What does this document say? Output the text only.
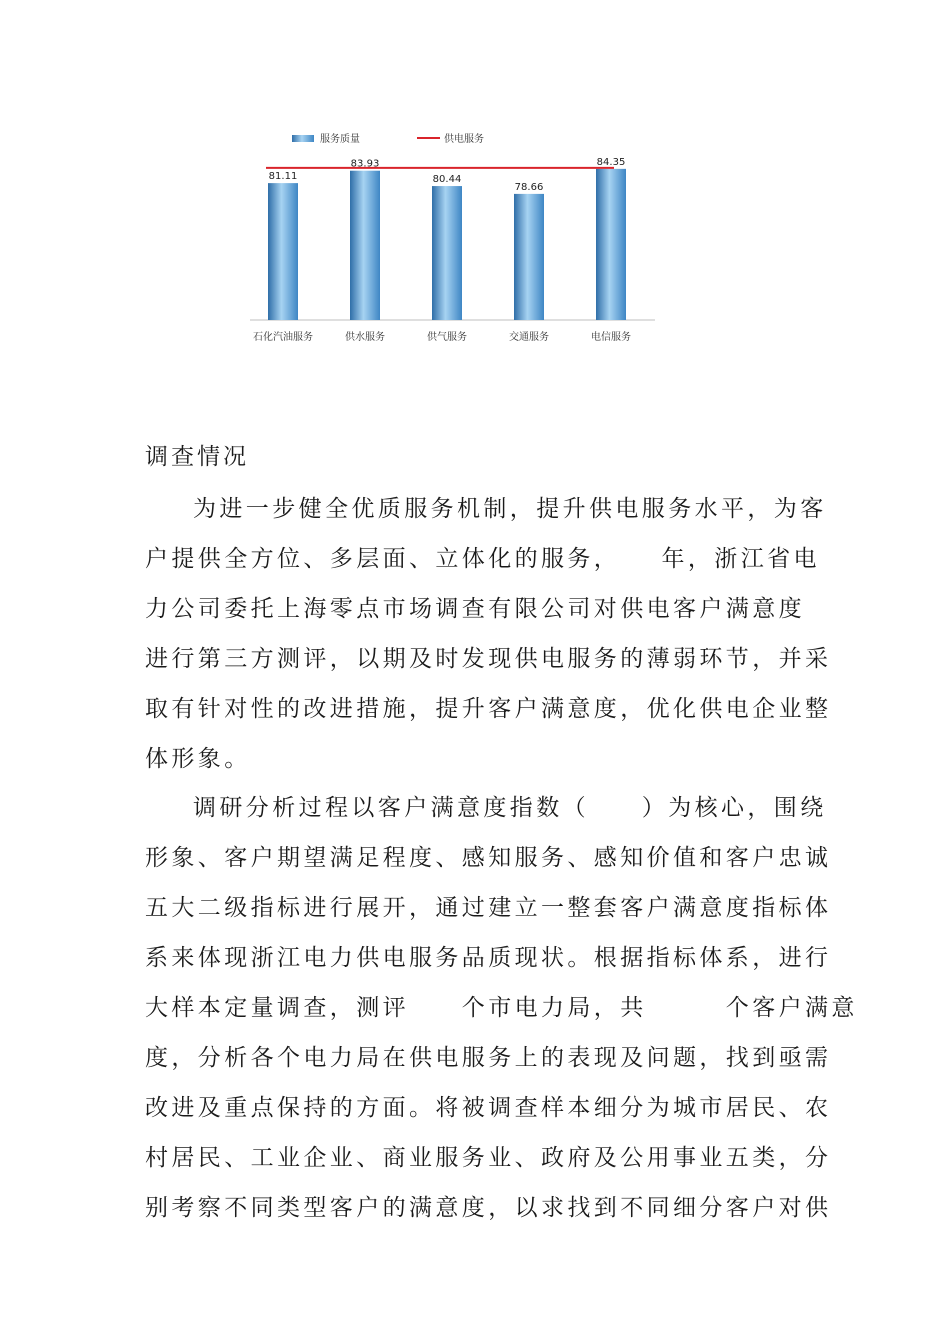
服务质量	供电服务
81.11
83.93
80.44
78.66
84.35
石化汽油服务	供水服务	供气服务	交通服务	电信服务
调查情况
为进一步健全优质服务机制，提升供电服务水平，为客
户提供全方位、多层面、立体化的服务，　　年，浙江省电
力公司委托上海零点市场调查有限公司对供电客户满意度
进行第三方测评，以期及时发现供电服务的薄弱环节，并采
取有针对性的改进措施，提升客户满意度，优化供电企业整
体形象。
调研分析过程以客户满意度指数（　　）为核心，围绕
形象、客户期望满足程度、感知服务、感知价值和客户忠诚
五大二级指标进行展开，通过建立一整套客户满意度指标体
系来体现浙江电力供电服务品质现状。根据指标体系，进行
大样本定量调查，测评　　个市电力局，共　　　个客户满意
度，分析各个电力局在供电服务上的表现及问题，找到亟需
改进及重点保持的方面。将被调查样本细分为城市居民、农
村居民、工业企业、商业服务业、政府及公用事业五类，分
别考察不同类型客户的满意度，以求找到不同细分客户对供
